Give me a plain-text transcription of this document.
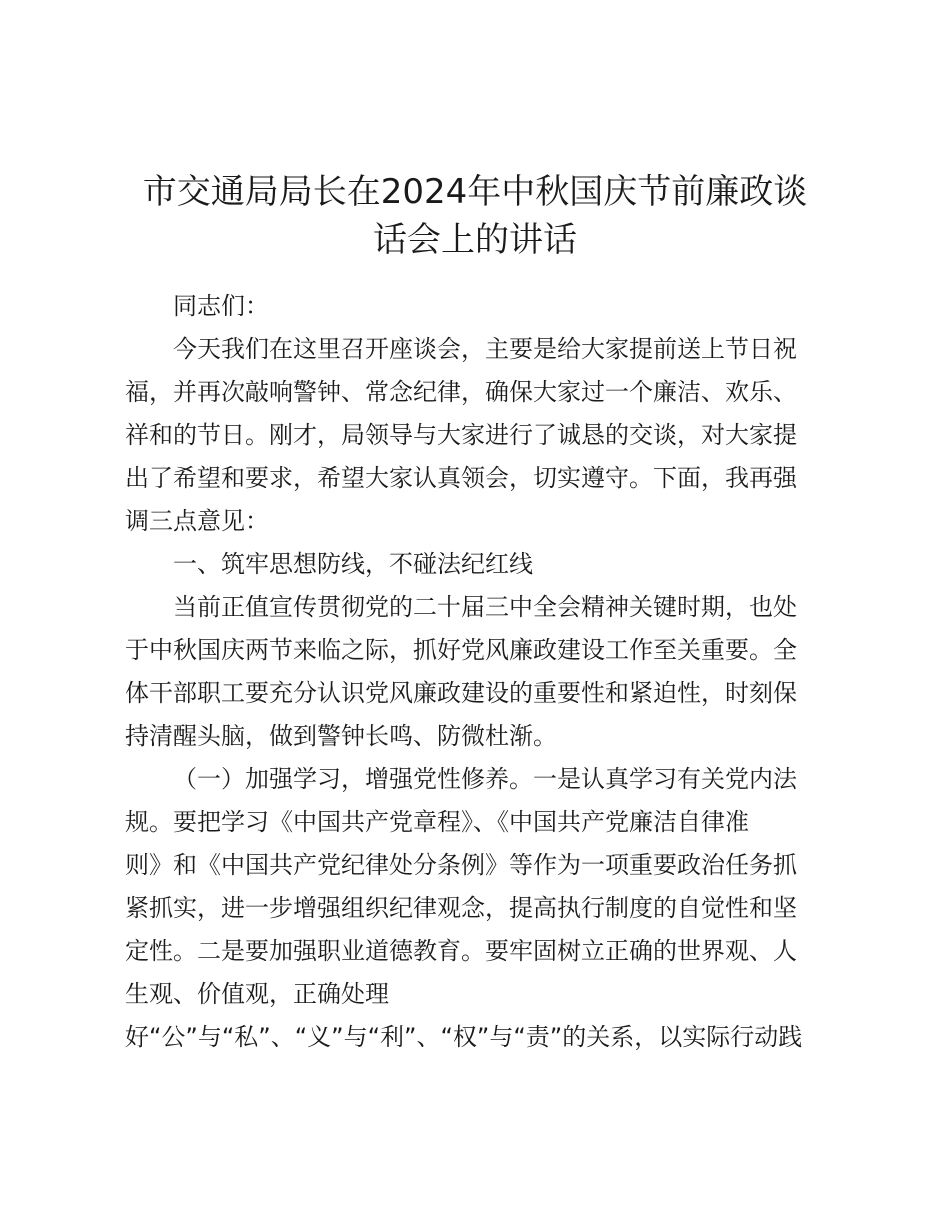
市交通局局长在2024年中秋国庆节前廉政谈
话会上的讲话
同志们：
今天我们在这里召开座谈会，主要是给大家提前送上节日祝
福，并再次敲响警钟、常念纪律，确保大家过一个廉洁、欢乐、
祥和的节日。刚才，局领导与大家进行了诚恳的交谈，对大家提
出了希望和要求，希望大家认真领会，切实遵守。下面，我再强
调三点意见：
一、筑牢思想防线，不碰法纪红线
当前正值宣传贯彻党的二十届三中全会精神关键时期，也处
于中秋国庆两节来临之际，抓好党风廉政建设工作至关重要。全
体干部职工要充分认识党风廉政建设的重要性和紧迫性，时刻保
持清醒头脑，做到警钟长鸣、防微杜渐。
（一）加强学习，增强党性修养。一是认真学习有关党内法
规。要把学习《中国共产党章程》、《中国共产党廉洁自律准
则》和《中国共产党纪律处分条例》等作为一项重要政治任务抓
紧抓实，进一步增强组织纪律观念，提高执行制度的自觉性和坚
定性。二是要加强职业道德教育。要牢固树立正确的世界观、人
生观、价值观，正确处理
好“公”与“私”、“义”与“利”、“权”与“责”的关系，以实际行动践
